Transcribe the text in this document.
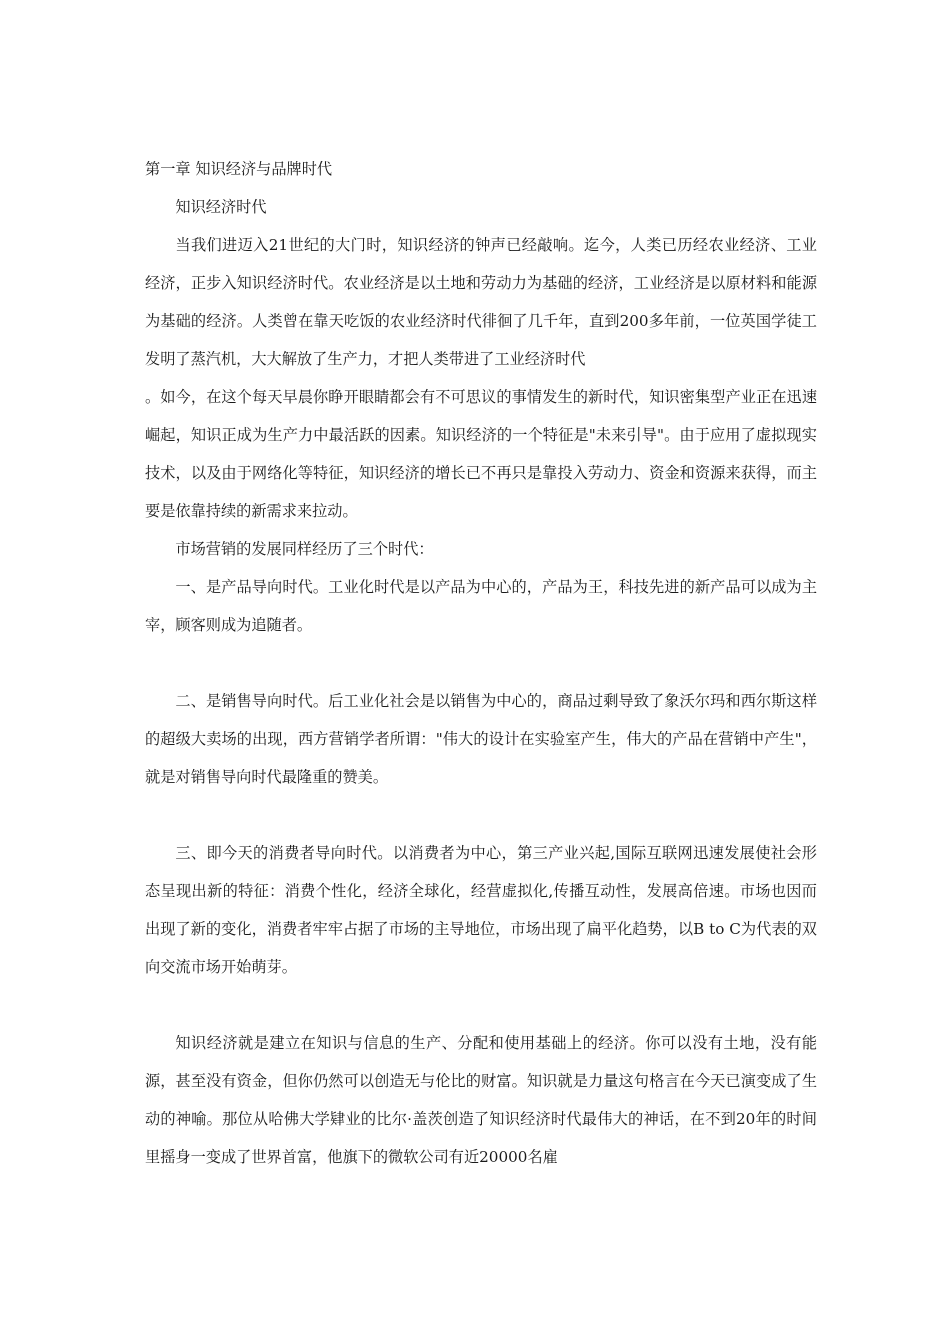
第一章 知识经济与品牌时代

知识经济时代

当我们进迈入21世纪的大门时，知识经济的钟声已经敲响。迄今，人类已历经农业经济、工业经济，正步入知识经济时代。农业经济是以土地和劳动力为基础的经济，工业经济是以原材料和能源为基础的经济。人类曾在靠天吃饭的农业经济时代徘徊了几千年，直到200多年前，一位英国学徒工发明了蒸汽机，大大解放了生产力，才把人类带进了工业经济时代

。如今，在这个每天早晨你睁开眼睛都会有不可思议的事情发生的新时代，知识密集型产业正在迅速崛起，知识正成为生产力中最活跃的因素。知识经济的一个特征是"未来引导"。由于应用了虚拟现实技术，以及由于网络化等特征，知识经济的增长已不再只是靠投入劳动力、资金和资源来获得，而主要是依靠持续的新需求来拉动。

市场营销的发展同样经历了三个时代：

一、是产品导向时代。工业化时代是以产品为中心的，产品为王，科技先进的新产品可以成为主宰，顾客则成为追随者。

二、是销售导向时代。后工业化社会是以销售为中心的，商品过剩导致了象沃尔玛和西尔斯这样的超级大卖场的出现，西方营销学者所谓："伟大的设计在实验室产生，伟大的产品在营销中产生"，就是对销售导向时代最隆重的赞美。

三、即今天的消费者导向时代。以消费者为中心，第三产业兴起,国际互联网迅速发展使社会形态呈现出新的特征：消费个性化，经济全球化，经营虚拟化,传播互动性，发展高倍速。市场也因而出现了新的变化，消费者牢牢占据了市场的主导地位，市场出现了扁平化趋势，以B to C为代表的双向交流市场开始萌芽。

知识经济就是建立在知识与信息的生产、分配和使用基础上的经济。你可以没有土地，没有能源，甚至没有资金，但你仍然可以创造无与伦比的财富。知识就是力量这句格言在今天已演变成了生动的神喻。那位从哈佛大学肄业的比尔·盖茨创造了知识经济时代最伟大的神话，在不到20年的时间里摇身一变成了世界首富，他旗下的微软公司有近20000名雇
